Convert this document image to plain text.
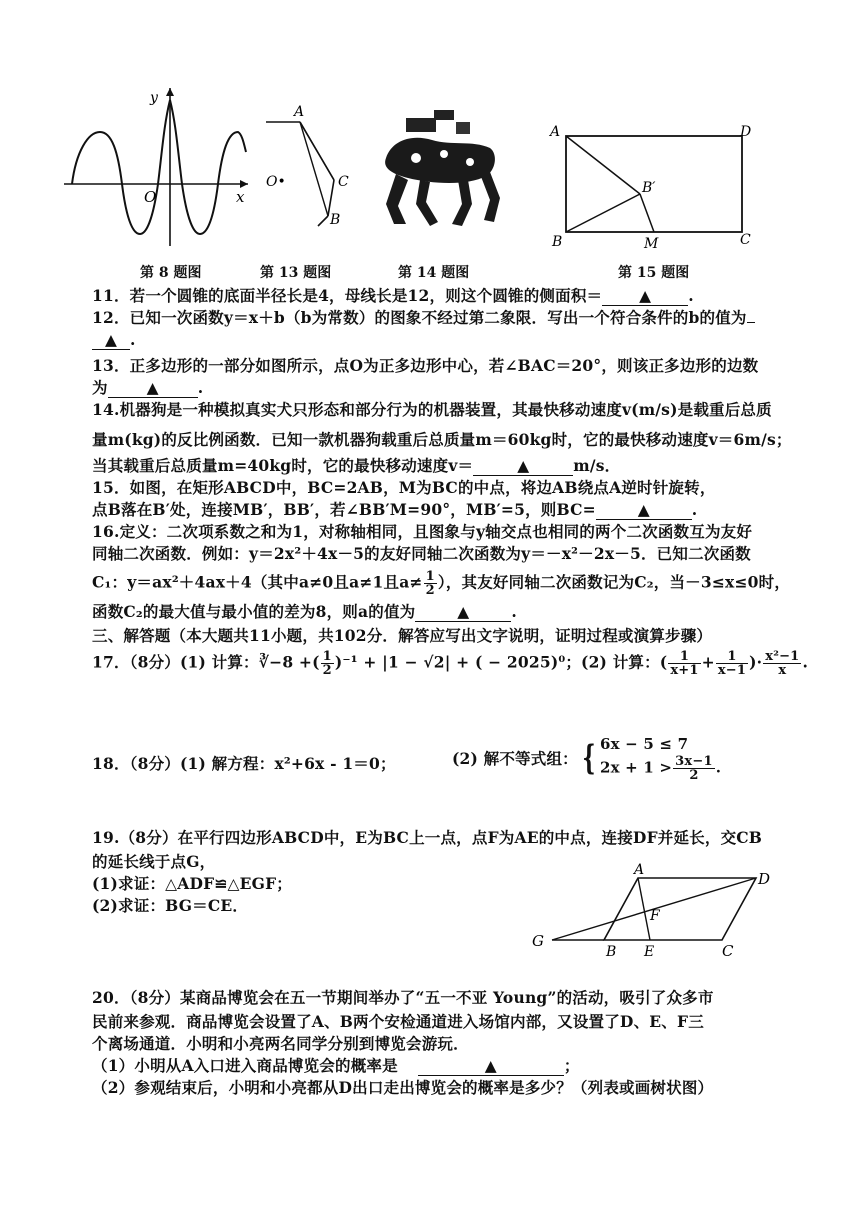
y
O	x
A
O•	C
B
A	D
B	M	C
B′
第 8 题图	第 13 题图	第 14 题图	第 15 题图
11．若一个圆锥的底面半径长是4，母线长是12，则这个圆锥的侧面积＝ ▲ .
12．已知一次函数y＝x＋b（b为常数）的图象不经过第二象限．写出一个符合条件的b的值为
▲ .
13．正多边形的一部分如图所示，点O为正多边形中心，若∠BAC＝20°，则该正多边形的边数
为	▲	.
14.机器狗是一种模拟真实犬只形态和部分行为的机器装置，其最快移动速度v(m/s)是载重后总质
量m(kg)的反比例函数．已知一款机器狗载重后总质量m＝60kg时，它的最快移动速度v＝6m/s；
当其载重后总质量m=40kg时，它的最快移动速度v＝	▲	m/s．
15．如图，在矩形ABCD中，BC=2AB，M为BC的中点，将边AB绕点A逆时针旋转，
点B落在B′处，连接MB′，BB′，若∠BB′M=90°，MB′=5，则BC=	▲	.
16.定义：二次项系数之和为1，对称轴相同，且图象与y轴交点也相同的两个二次函数互为友好
同轴二次函数．例如：y＝2x²＋4x－5的友好同轴二次函数为y＝－x²－2x－5．已知二次函数
C₁：y＝ax²＋4ax＋4（其中a≠0且a≠1且$a\ne \frac{1}{2}$ ），其友好同轴二次函数记为C₂，当－3≤x≤0时，
函数C₂的最大值与最小值的差为8，则a的值为	▲	.
三、解答题（本大题共11小题，共102分．解答应写出文字说明，证明过程或演算步骤）
17．（8分）(1) 计算：∛−8 +( $\frac{1}{2} )^{-1} + |1 - √2|$ + ( − 2025)⁰；(2) 计算：( $\frac{1}{x+1} + \frac{1}{x-1}$ )· $\frac{\text{x²−1}}{x}$ .
18．（8分）(1) 解方程：x²+6x - 1＝0；	(2) 解不等式组： { 6x − 5 ≤ 7
$2x + 1 > \frac{3x-1}{2}$ .
19.（8分）在平行四边形ABCD中，E为BC上一点，点F为AE的中点，连接DF并延长，交CB
的延长线于点G，
(1)求证：△ADF≌△EGF；
(2)求证：BG＝CE．
A	D
F
G
B E	C
20．（8分）某商品博览会在五一节期间举办了“五一不亚 Young”的活动，吸引了众多市
民前来参观．商品博览会设置了A、B两个安检通道进入场馆内部，又设置了D、E、F三
个离场通道．小明和小亮两名同学分别到博览会游玩．
（1）小明从A入口进入商品博览会的概率是	▲	；
（2）参观结束后，小明和小亮都从D出口走出博览会的概率是多少？（列表或画树状图）
